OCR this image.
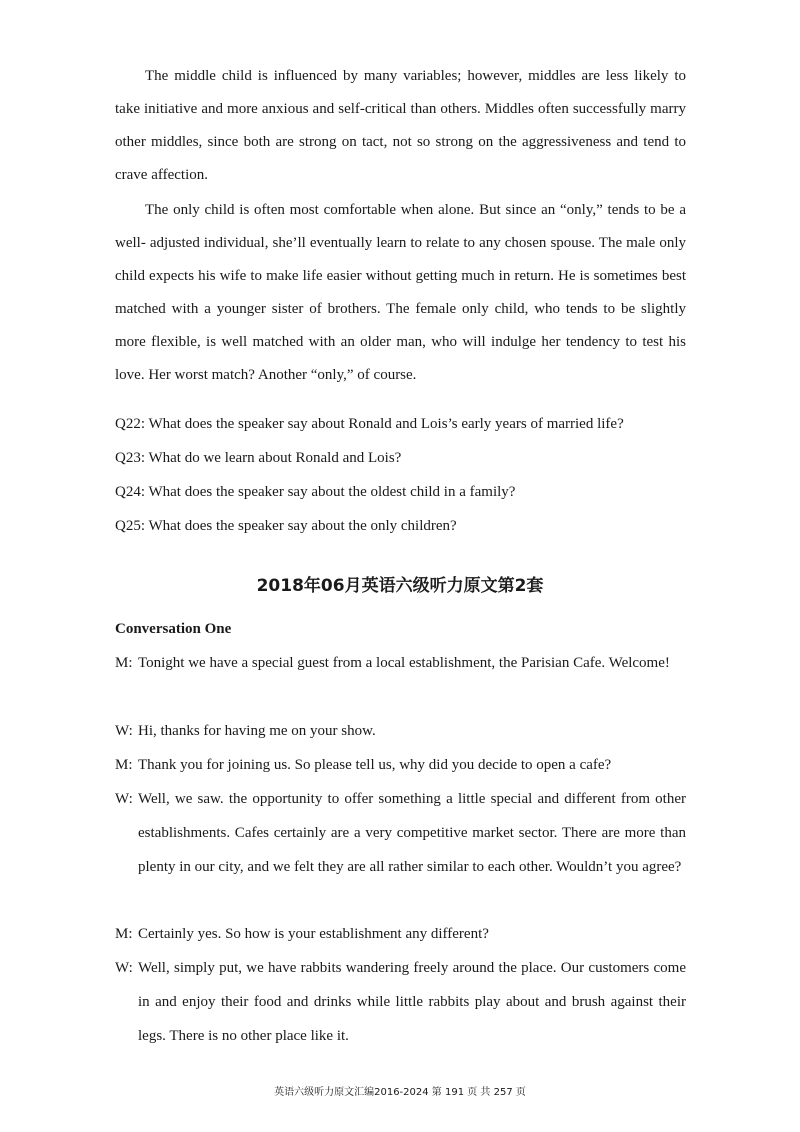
The middle child is influenced by many variables; however, middles are less likely to take initiative and more anxious and self-critical than others. Middles often successfully marry other middles, since both are strong on tact, not so strong on the aggressiveness and tend to crave affection.

The only child is often most comfortable when alone. But since an “only,” tends to be a well- adjusted individual, she’ll eventually learn to relate to any chosen spouse. The male only child expects his wife to make life easier without getting much in return. He is sometimes best matched with a younger sister of brothers. The female only child, who tends to be slightly more flexible, is well matched with an older man, who will indulge her tendency to test his love. Her worst match? Another “only,” of course.

Q22: What does the speaker say about Ronald and Lois’s early years of married life?

Q23: What do we learn about Ronald and Lois?

Q24: What does the speaker say about the oldest child in a family?

Q25: What does the speaker say about the only children?

2018年06月英语六级听力原文第2套

Conversation One

M: Tonight we have a special guest from a local establishment, the Parisian Cafe. Welcome!
W: Hi, thanks for having me on your show.
M: Thank you for joining us. So please tell us, why did you decide to open a cafe?
W: Well, we saw. the opportunity to offer something a little special and different from other establishments. Cafes certainly are a very competitive market sector. There are more than plenty in our city, and we felt they are all rather similar to each other. Wouldn’t you agree?
M: Certainly yes. So how is your establishment any different?
W: Well, simply put, we have rabbits wandering freely around the place. Our customers come in and enjoy their food and drinks while little rabbits play about and brush against their legs. There is no other place like it.

英语六级听力原文汇编2016-2024 第 191 页 共 257 页
